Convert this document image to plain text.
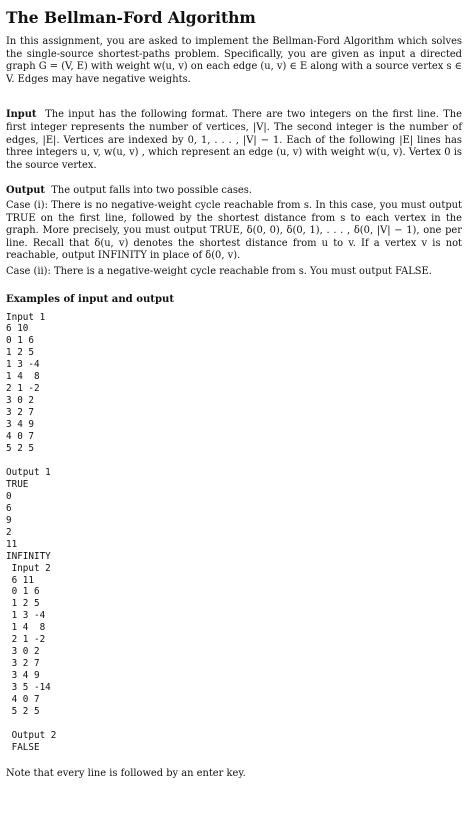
The Bellman-Ford Algorithm

In this assignment, you are asked to implement the Bellman-Ford Algorithm which solves the single-source shortest-paths problem. Specifically, you are given as input a directed graph G = (V, E) with weight w(u, v) on each edge (u, v) ∈ E along with a source vertex s ∈ V. Edges may have negative weights.

Input The input has the following format. There are two integers on the first line. The first integer represents the number of vertices, |V|. The second integer is the number of edges, |E|. Vertices are indexed by 0, 1, . . . , |V| − 1. Each of the following |E| lines has three integers u, v, w(u, v) , which represent an edge (u, v) with weight w(u, v). Vertex 0 is the source vertex.

Output The output falls into two possible cases.

Case (i): There is no negative-weight cycle reachable from s. In this case, you must output TRUE on the first line, followed by the shortest distance from s to each vertex in the graph. More precisely, you must output TRUE, δ(0, 0), δ(0, 1), . . . , δ(0, |V| − 1), one per line. Recall that δ(u, v) denotes the shortest distance from u to v. If a vertex v is not reachable, output INFINITY in place of δ(0, v).

Case (ii): There is a negative-weight cycle reachable from s. You must output FALSE.

Examples of input and output
Input 1
6 10
0 1 6
1 2 5
1 3 -4
1 4  8
2 1 -2
3 0 2
3 2 7
3 4 9
4 0 7
5 2 5
Output 1
TRUE
0
6
9
2
11
INFINITY
Input 2
6 11
0 1 6
1 2 5
1 3 -4
1 4  8
2 1 -2
3 0 2
3 2 7
3 4 9
3 5 -14
4 0 7
5 2 5
Output 2
FALSE

Note that every line is followed by an enter key.
